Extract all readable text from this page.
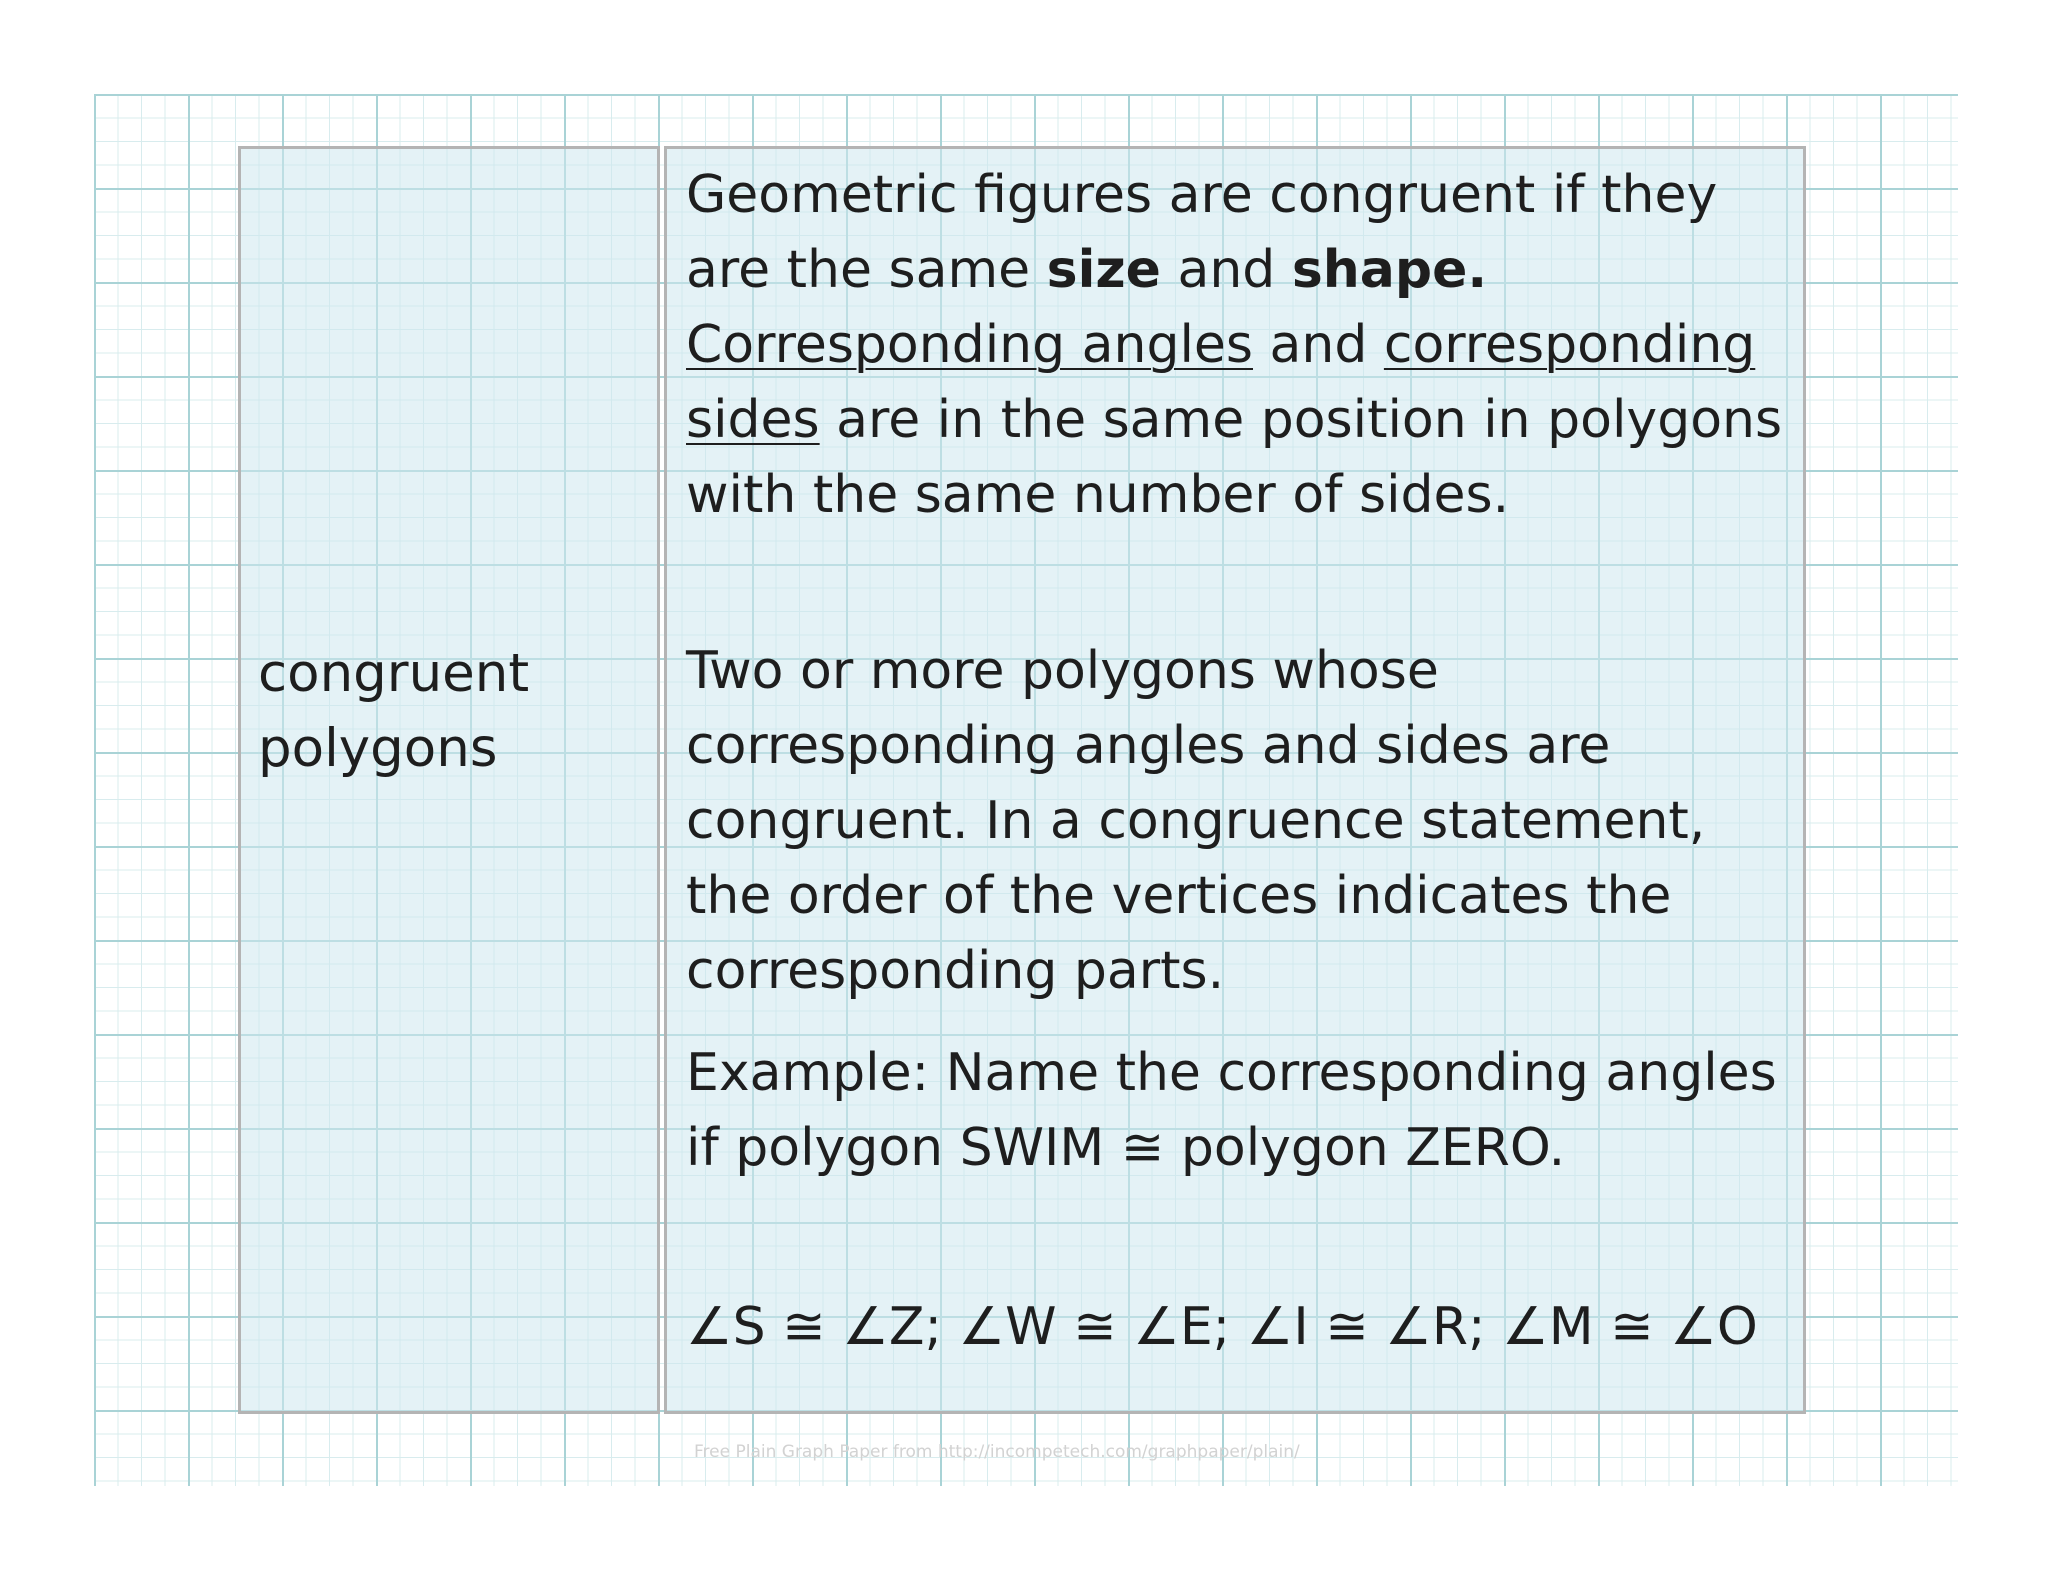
congruent
polygons

Geometric figures are congruent if they are the same size and shape. Corresponding angles and corresponding sides are in the same position in polygons with the same number of sides.

Two or more polygons whose corresponding angles and sides are congruent. In a congruence statement, the order of the vertices indicates the corresponding parts.

Example: Name the corresponding angles if polygon SWIM ≅ polygon ZERO.

∠S ≅ ∠Z; ∠W ≅ ∠E; ∠I ≅ ∠R; ∠M ≅ ∠O

Free Plain Graph Paper from http://incompetech.com/graphpaper/plain/
